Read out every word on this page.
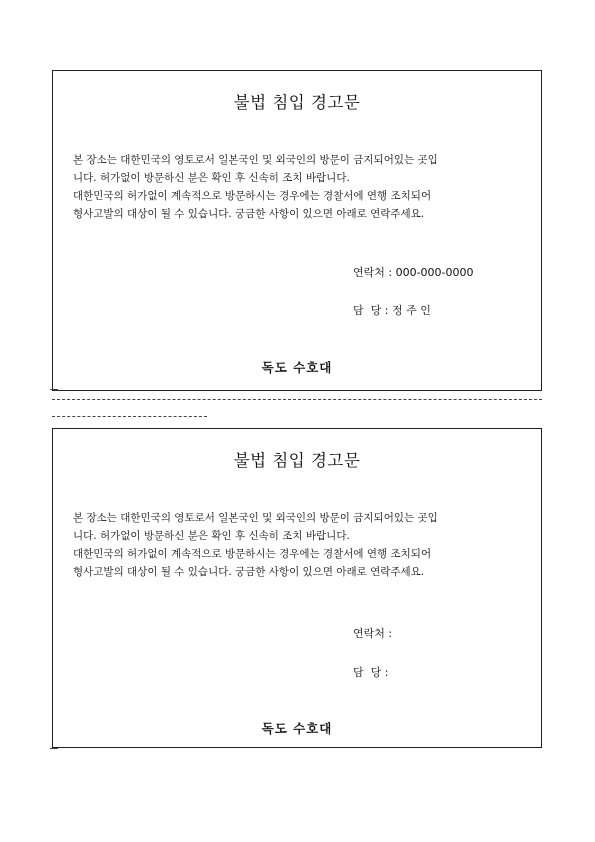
불법 침입 경고문

본 장소는 대한민국의 영토로서 일본국인 및 외국인의 방문이 금지되어있는 곳입
니다. 허가없이 방문하신 분은 확인 후 신속히 조치 바랍니다.
대한민국의 허가없이 계속적으로 방문하시는 경우에는 경찰서에 연행 조치되어
형사고발의 대상이 될 수 있습니다. 궁금한 사항이 있으면 아래로 연락주세요.

연락처 : 000-000-0000
담  당 : 정 주 인
독도 수호대
불법 침입 경고문

본 장소는 대한민국의 영토로서 일본국인 및 외국인의 방문이 금지되어있는 곳입
니다. 허가없이 방문하신 분은 확인 후 신속히 조치 바랍니다.
대한민국의 허가없이 계속적으로 방문하시는 경우에는 경찰서에 연행 조치되어
형사고발의 대상이 될 수 있습니다. 궁금한 사항이 있으면 아래로 연락주세요.

연락처 :
담  당 :
독도 수호대
